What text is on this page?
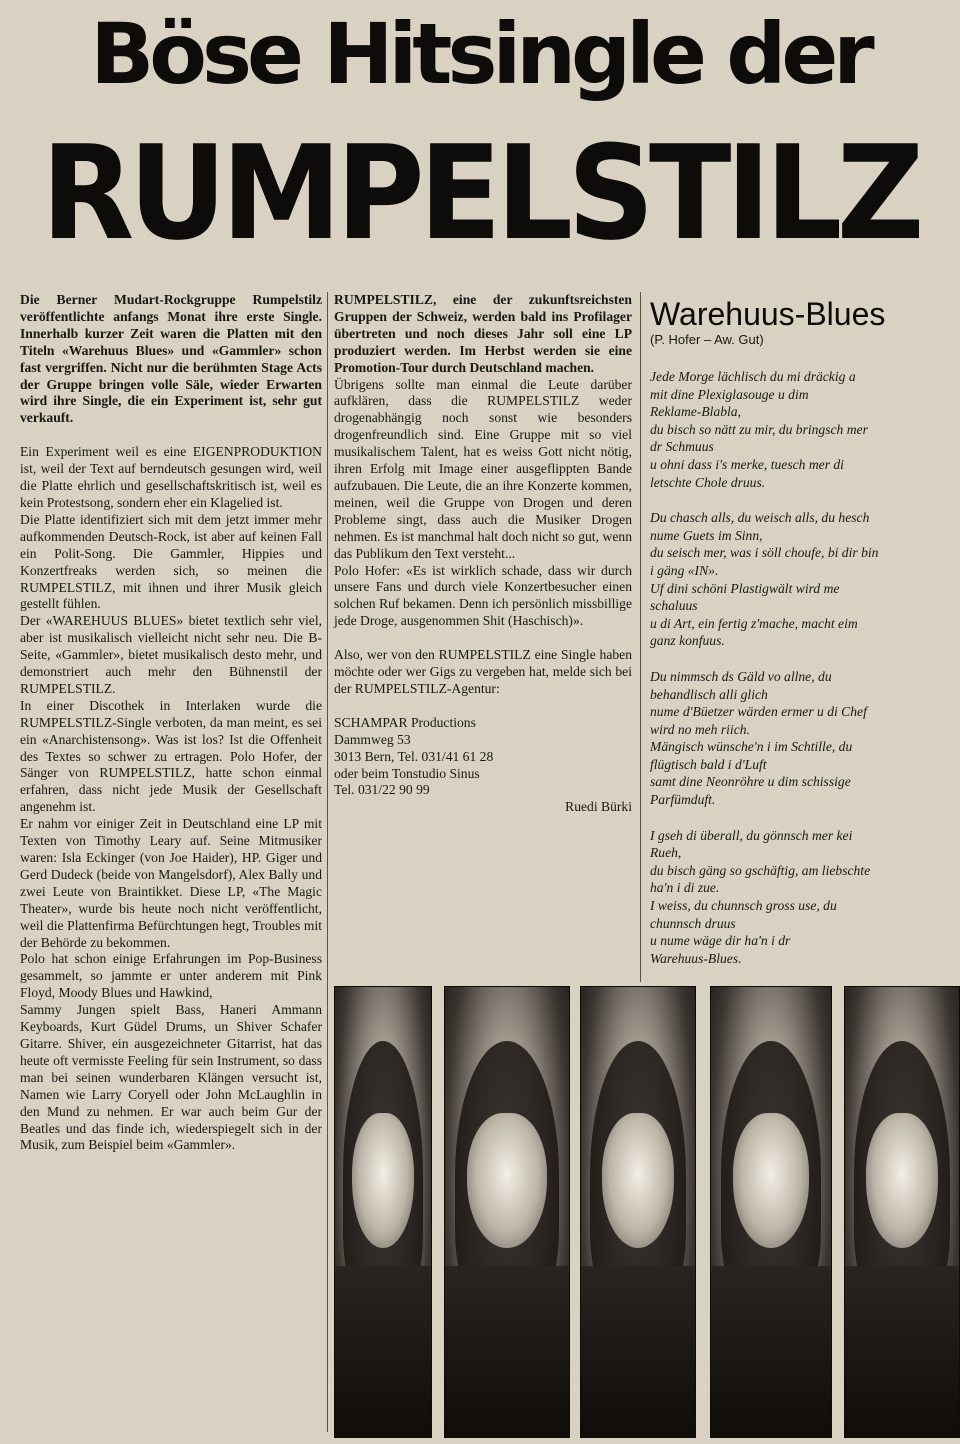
Böse Hitsingle der
RUMPELSTILZ

Die Berner Mudart-Rockgruppe Rumpelstilz veröffentlichte anfangs Monat ihre erste Single. Innerhalb kurzer Zeit waren die Platten mit den Titeln «Warehuus Blues» und «Gammler» schon fast vergriffen. Nicht nur die berühmten Stage Acts der Gruppe bringen volle Säle, wieder Erwarten wird ihre Single, die ein Experiment ist, sehr gut verkauft.

Ein Experiment weil es eine EIGENPRODUKTION ist, weil der Text auf berndeutsch gesungen wird, weil die Platte ehrlich und gesellschaftskritisch ist, weil es kein Protestsong, sondern eher ein Klagelied ist.

Die Platte identifiziert sich mit dem jetzt immer mehr aufkommenden Deutsch-Rock, ist aber auf keinen Fall ein Polit-Song. Die Gammler, Hippies und Konzertfreaks werden sich, so meinen die RUMPELSTILZ, mit ihnen und ihrer Musik gleich gestellt fühlen.

Der «WAREHUUS BLUES» bietet textlich sehr viel, aber ist musikalisch vielleicht nicht sehr neu. Die B-Seite, «Gammler», bietet musikalisch desto mehr, und demonstriert auch mehr den Bühnenstil der RUMPELSTILZ.

In einer Discothek in Interlaken wurde die RUMPELSTILZ-Single verboten, da man meint, es sei ein «Anarchistensong». Was ist los? Ist die Offenheit des Textes so schwer zu ertragen. Polo Hofer, der Sänger von RUMPELSTILZ, hatte schon einmal erfahren, dass nicht jede Musik der Gesellschaft angenehm ist.

Er nahm vor einiger Zeit in Deutschland eine LP mit Texten von Timothy Leary auf. Seine Mitmusiker waren: Isla Eckinger (von Joe Haider), HP. Giger und Gerd Dudeck (beide von Mangelsdorf), Alex Bally und zwei Leute von Braintikket. Diese LP, «The Magic Theater», wurde bis heute noch nicht veröffentlicht, weil die Plattenfirma Befürchtungen hegt, Troubles mit der Behörde zu bekommen.

Polo hat schon einige Erfahrungen im Pop-Business gesammelt, so jammte er unter anderem mit Pink Floyd, Moody Blues und Hawkind,

Sammy Jungen spielt Bass, Haneri Ammann Keyboards, Kurt Güdel Drums, un Shiver Schafer Gitarre. Shiver, ein ausgezeichneter Gitarrist, hat das heute oft vermisste Feeling für sein Instrument, so dass man bei seinen wunderbaren Klängen versucht ist, Namen wie Larry Coryell oder John McLaughlin in den Mund zu nehmen. Er war auch beim Gur der Beatles und das finde ich, wiederspiegelt sich in der Musik, zum Beispiel beim «Gammler».

RUMPELSTILZ, eine der zukunftsreichsten Gruppen der Schweiz, werden bald ins Profilager übertreten und noch dieses Jahr soll eine LP produziert werden. Im Herbst werden sie eine Promotion-Tour durch Deutschland machen.

Übrigens sollte man einmal die Leute darüber aufklären, dass die RUMPELSTILZ weder drogenabhängig noch sonst wie besonders drogenfreundlich sind. Eine Gruppe mit so viel musikalischem Talent, hat es weiss Gott nicht nötig, ihren Erfolg mit Image einer ausgeflippten Bande aufzubauen. Die Leute, die an ihre Konzerte kommen, meinen, weil die Gruppe von Drogen und deren Probleme singt, dass auch die Musiker Drogen nehmen. Es ist manchmal halt doch nicht so gut, wenn das Publikum den Text versteht...

Polo Hofer: «Es ist wirklich schade, dass wir durch unsere Fans und durch viele Konzertbesucher einen solchen Ruf bekamen. Denn ich persönlich missbillige jede Droge, ausgenommen Shit (Haschisch)».

Also, wer von den RUMPELSTILZ eine Single haben möchte oder wer Gigs zu vergeben hat, melde sich bei der RUMPELSTILZ-Agentur:

SCHAMPAR Productions

Dammweg 53

3013 Bern, Tel. 031/41 61 28

oder beim Tonstudio Sinus

Tel. 031/22 90 99

Ruedi Bürki

Warehuus-Blues
(P. Hofer – Aw. Gut)

Jede Morge lächlisch du mi dräckig a

mit dine Plexiglasouge u dim

Reklame-Blabla,

du bisch so nätt zu mir, du bringsch mer

dr Schmuus

u ohni dass i's merke, tuesch mer di

letschte Chole druus.

Du chasch alls, du weisch alls, du hesch

nume Guets im Sinn,

du seisch mer, was i söll choufe, bi dir bin

i gäng «IN».

Uf dini schöni Plastigwält wird me

schaluus

u di Art, ein fertig z'mache, macht eim

ganz konfuus.

Du nimmsch ds Gäld vo allne, du

behandlisch alli glich

nume d'Büetzer wärden ermer u di Chef

wird no meh riich.

Mängisch wünsche'n i im Schtille, du

flügtisch bald i d'Luft

samt dine Neonröhre u dim schissige

Parfümduft.

I gseh di überall, du gönnsch mer kei

Rueh,

du bisch gäng so gschäftig, am liebschte

ha'n i di zue.

I weiss, du chunnsch gross use, du

chunnsch druus

u nume wäge dir ha'n i dr

Warehuus-Blues.
